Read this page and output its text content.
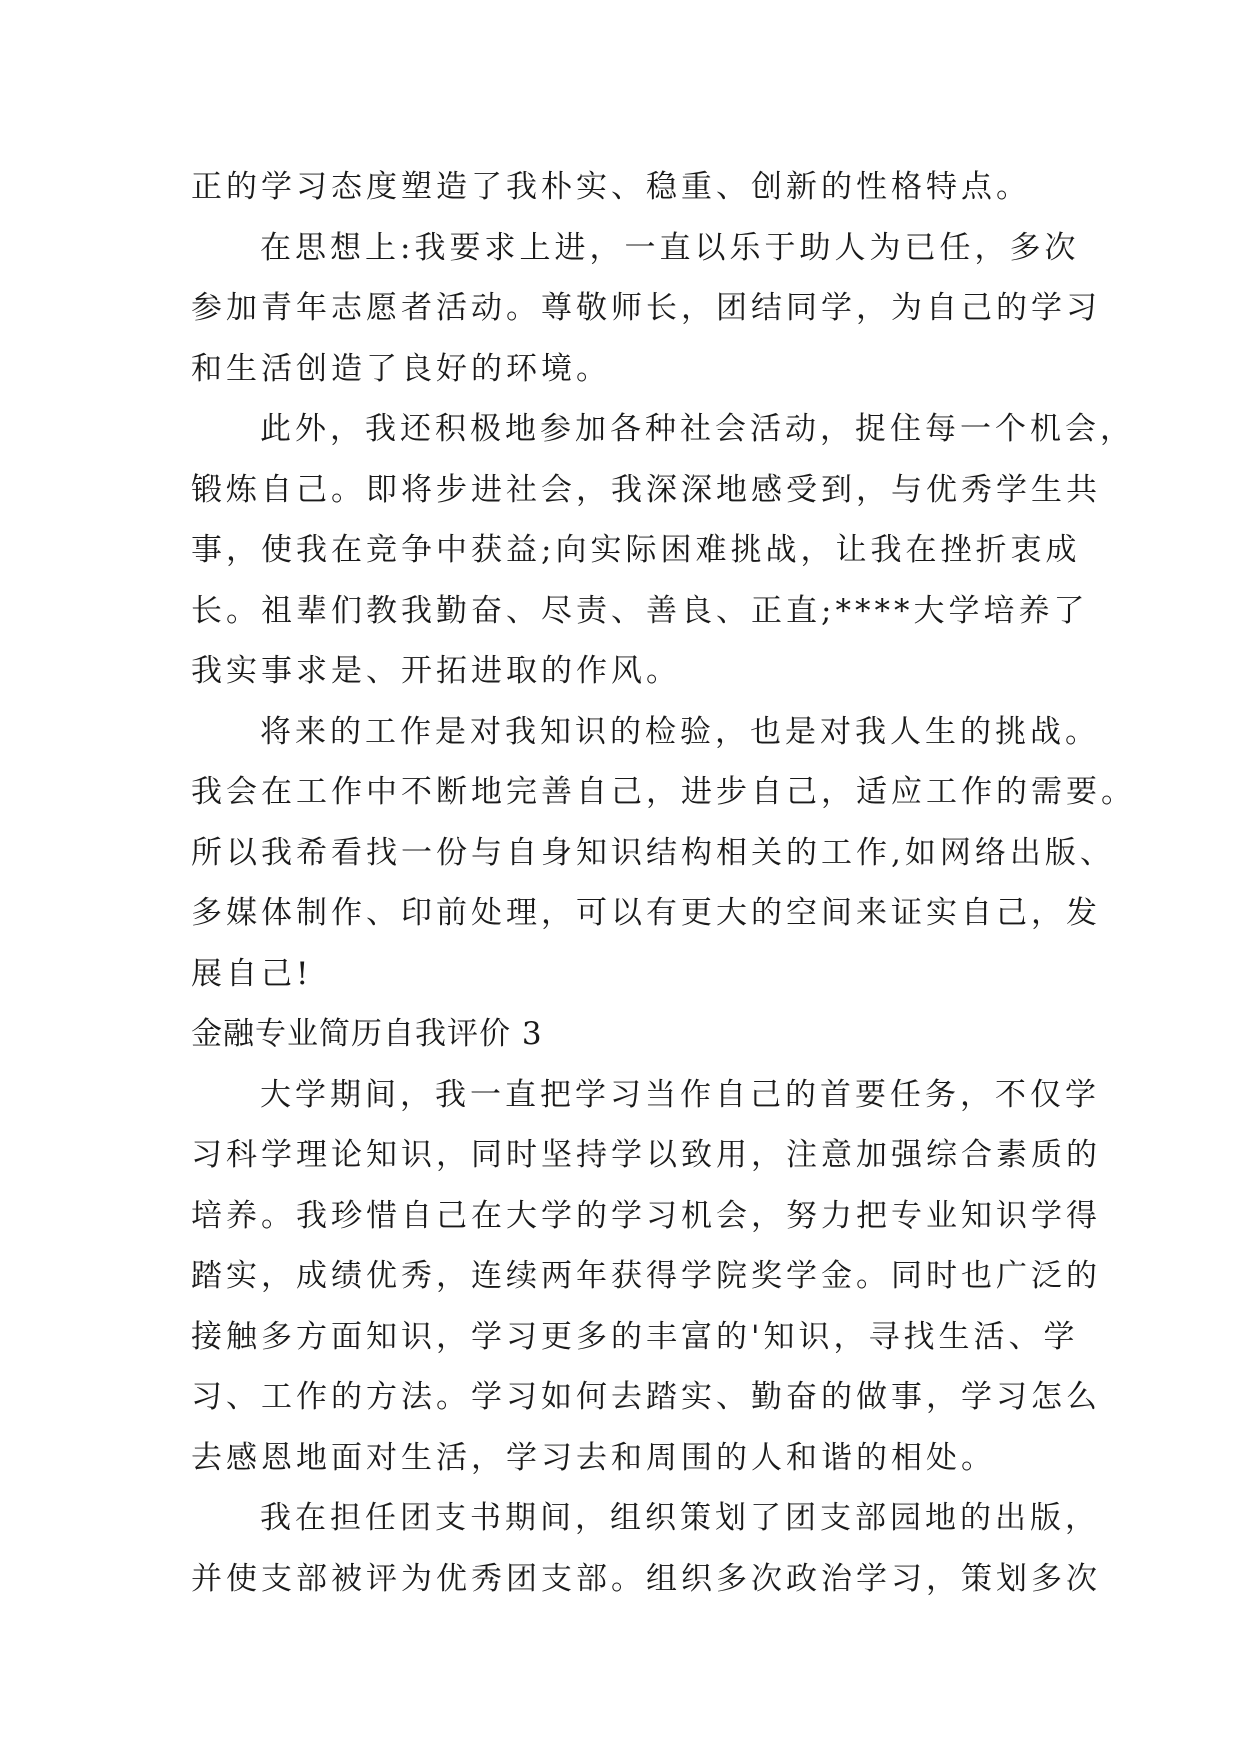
正的学习态度塑造了我朴实、稳重、创新的性格特点。
在思想上:我要求上进，一直以乐于助人为已任，多次
参加青年志愿者活动。尊敬师长，团结同学，为自己的学习
和生活创造了良好的环境。
此外，我还积极地参加各种社会活动，捉住每一个机会，
锻炼自己。即将步进社会，我深深地感受到，与优秀学生共
事，使我在竞争中获益;向实际困难挑战，让我在挫折衷成
长。祖辈们教我勤奋、尽责、善良、正直;****大学培养了
我实事求是、开拓进取的作风。
将来的工作是对我知识的检验，也是对我人生的挑战。
我会在工作中不断地完善自己，进步自己，适应工作的需要。
所以我希看找一份与自身知识结构相关的工作,如网络出版、
多媒体制作、印前处理，可以有更大的空间来证实自己，发
展自己!
金融专业简历自我评价 3
大学期间，我一直把学习当作自己的首要任务，不仅学
习科学理论知识，同时坚持学以致用，注意加强综合素质的
培养。我珍惜自己在大学的学习机会，努力把专业知识学得
踏实，成绩优秀，连续两年获得学院奖学金。同时也广泛的
接触多方面知识，学习更多的丰富的'知识，寻找生活、学
习、工作的方法。学习如何去踏实、勤奋的做事，学习怎么
去感恩地面对生活，学习去和周围的人和谐的相处。
我在担任团支书期间，组织策划了团支部园地的出版，
并使支部被评为优秀团支部。组织多次政治学习，策划多次
